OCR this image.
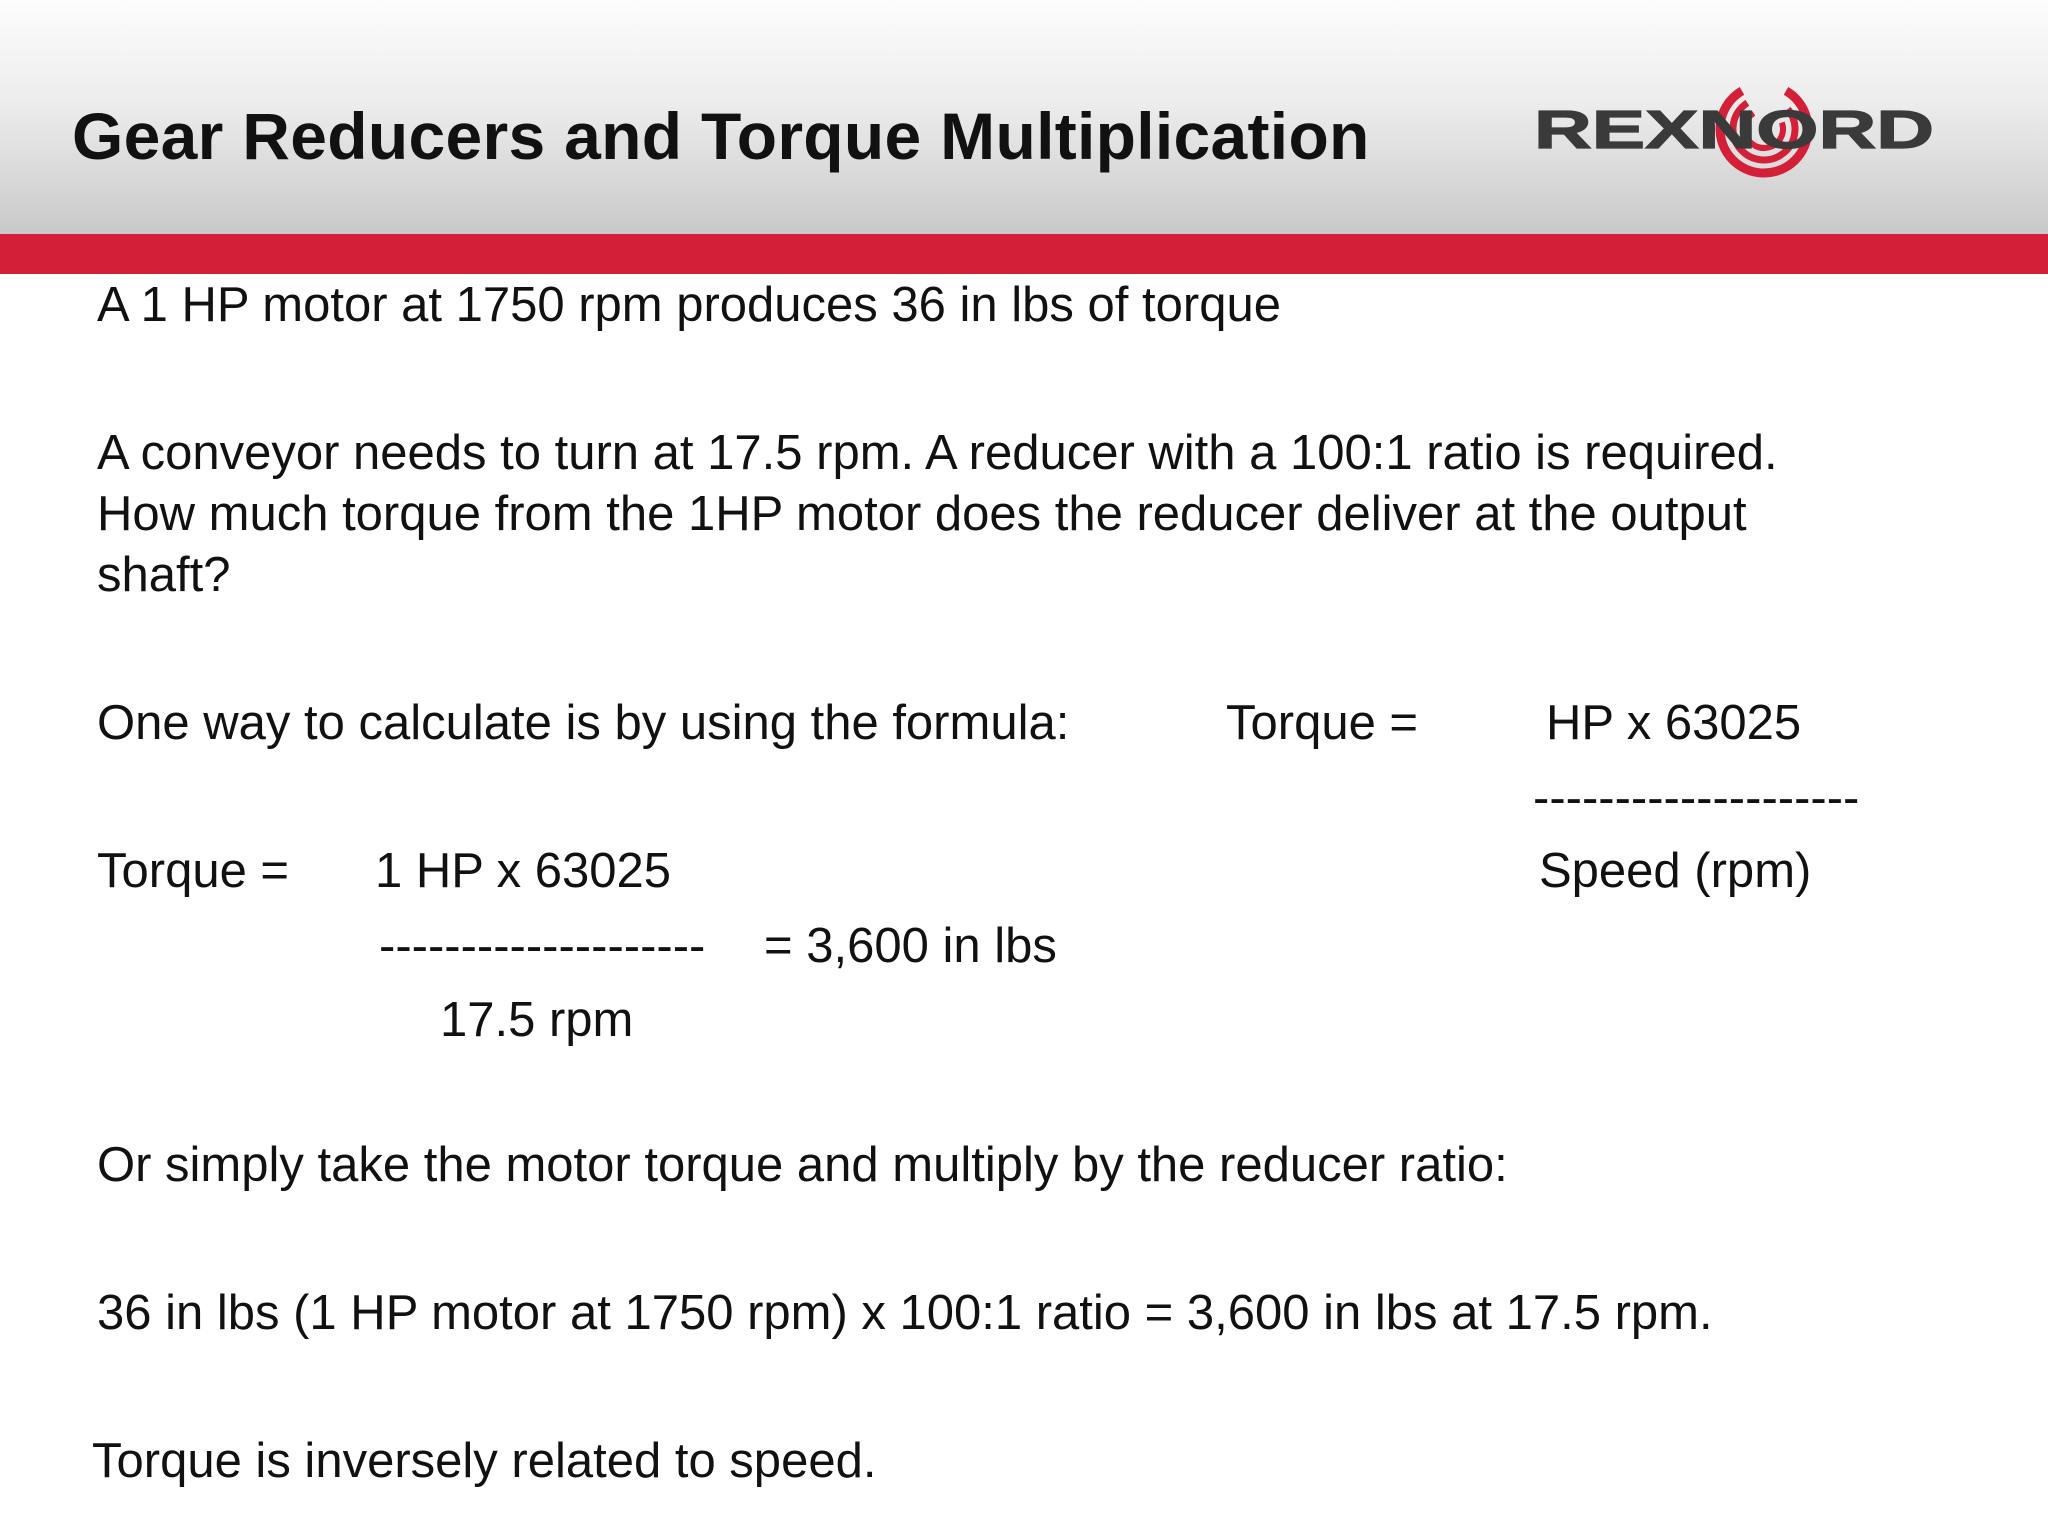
Gear Reducers and Torque Multiplication	REXNORD
A 1 HP motor at 1750 rpm produces 36 in lbs of torque
A conveyor needs to turn at 17.5 rpm. A reducer with a 100:1 ratio is required.
How much torque from the 1HP motor does the reducer deliver at the output
shaft?
One way to calculate is by using the formula:	Torque =	HP x 63025
--------------------
Speed (rpm)
Torque = 1 HP x 63025
-------------------- = 3,600 in lbs
17.5 rpm
Or simply take the motor torque and multiply by the reducer ratio:
36 in lbs (1 HP motor at 1750 rpm) x 100:1 ratio = 3,600 in lbs at 17.5 rpm.
Torque is inversely related to speed.
